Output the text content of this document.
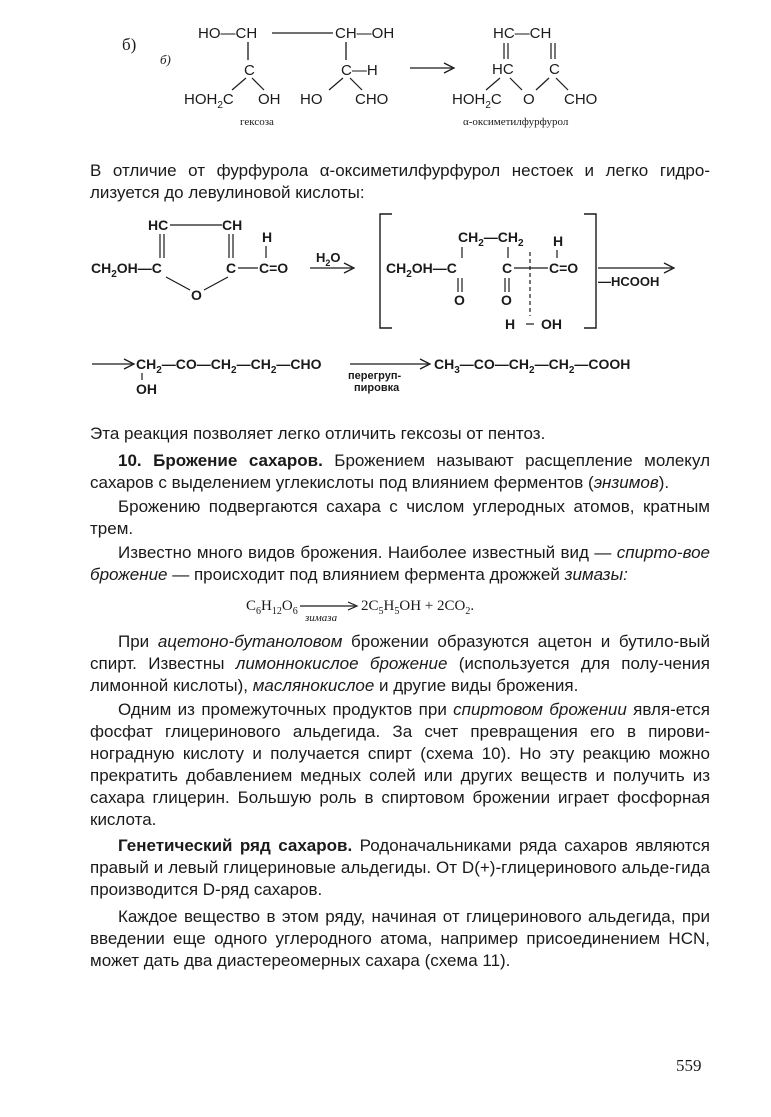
б)
б)
HO—CH	CH—OH
C	C—H
$HOH_2C$ OH HO CHO
гексоза
HC—CH
HC C
$HOH_2C$ O CHO
α-оксиметилфурфурол

В отличие от фурфурола α-оксиметилфурфурол нестоек и легко гидро-лизуется до левулиновой кислоты:

HC	CH
H
$CH_2OH—C$	C C=O
O
$H_2O$
$CH_2—CH_2$ H
$CH_2OH—C$	C	C=O
O	O
H OH
—HCOOH
$CH_2—CO—CH_2—CH_2—CHO$
OH
перегруп-
пировка
$CH_3—CO—CH_2—CH_2—COOH$

Эта реакция позволяет легко отличить гексозы от пентоз.

10. Брожение сахаров. Брожением называют расщепление молекул сахаров с выделением углекислоты под влиянием ферментов (энзимов).

Брожению подвергаются сахара с числом углеродных атомов, кратным трем.

Известно много видов брожения. Наиболее известный вид — спирто-вое брожение — происходит под влиянием фермента дрожжей зимазы:

$C_6H_{12}O_6$
зимаза
$2C_5H_5OH + 2CO_2$.

При ацетоно-бутаноловом брожении образуются ацетон и бутило-вый спирт. Известны лимоннокислое брожение (используется для полу-чения лимонной кислоты), маслянокислое и другие виды брожения.

Одним из промежуточных продуктов при спиртовом брожении явля-ется фосфат глицеринового альдегида. За счет превращения его в пирови-ноградную кислоту и получается спирт (схема 10). Но эту реакцию можно прекратить добавлением медных солей или других веществ и получить из сахара глицерин. Большую роль в спиртовом брожении играет фосфорная кислота.

Генетический ряд сахаров. Родоначальниками ряда сахаров являются правый и левый глицериновые альдегиды. От D(+)-глицеринового альде-гида производится D-ряд сахаров.

Каждое вещество в этом ряду, начиная от глицеринового альдегида, при введении еще одного углеродного атома, например присоединением HCN, может дать два диастереомерных сахара (схема 11).

559
